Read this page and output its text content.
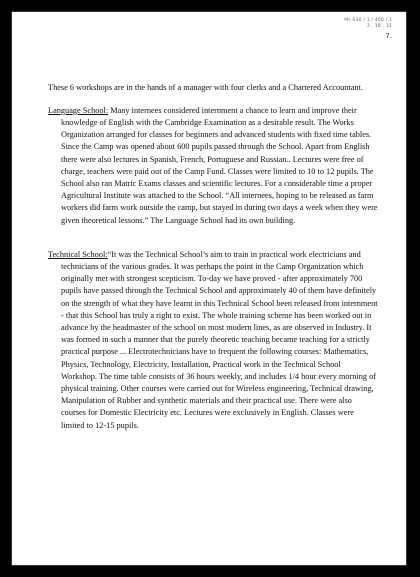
Ms 630 / 1 / 460 / 1
3 . 18 . 31
7.

These 6 workshops are in the hands of a manager with four clerks and a Chartered Accountant.

Language School: Many internees considered internment a chance to learn and improve their knowledge of English with the Cambridge Examination as a desirable result. The Works Organization arranged for classes for beginners and advanced students with fixed time tables. Since the Camp was opened about 600 pupils passed through the School. Apart from English there were also lectures in Spanish, French, Portuguese and Russian.. Lectures were free of charge, teachers were paid out of the Camp Fund. Classes were limited to 10 to 12 pupils. The School also ran Matric Exams classes and scientific lectures. For a considerable time a proper Agricultural Institute was attached to the School. “All internees, hoping to be released as farm workers did farm work outside the camp, but stayed in during two days a week when they were given theoretical lessons.” The Language School had its own building.

Technical School:“It was the Technical School’s aim to train in practical work electricians and technicians of the various grades. It was perhaps the point in the Camp Organization which originally met with strongest scepticism. To-day we have proved - after approximately 700 pupils have passed through the Technical School and approximately 40 of them have definitely on the strength of what they have learnt in this Technical School been released from internment - that this School has truly a right to exist. The whole training scheme has been worked out in advance by the headmaster of the school on most modern lines, as are observed in Industry. It was formed in such a manner that the purely theoretic teaching became teaching for a strictly practical purpose ... Electrotechnicians have to frequent the following courses: Mathematics, Physics, Technology, Electricity, Installation, Practical work in the Technical School Workshop. The time table consists of 36 hours weekly, and includes 1/4 hour every morning of physical training. Other courses were carried out for Wireless engineering, Technical drawing, Manipulation of Rubber and synthetic materials and their practical use. There were also courses for Domestic Electricity etc. Lectures were exclusively in English. Classes were limited to 12-15 pupils.
